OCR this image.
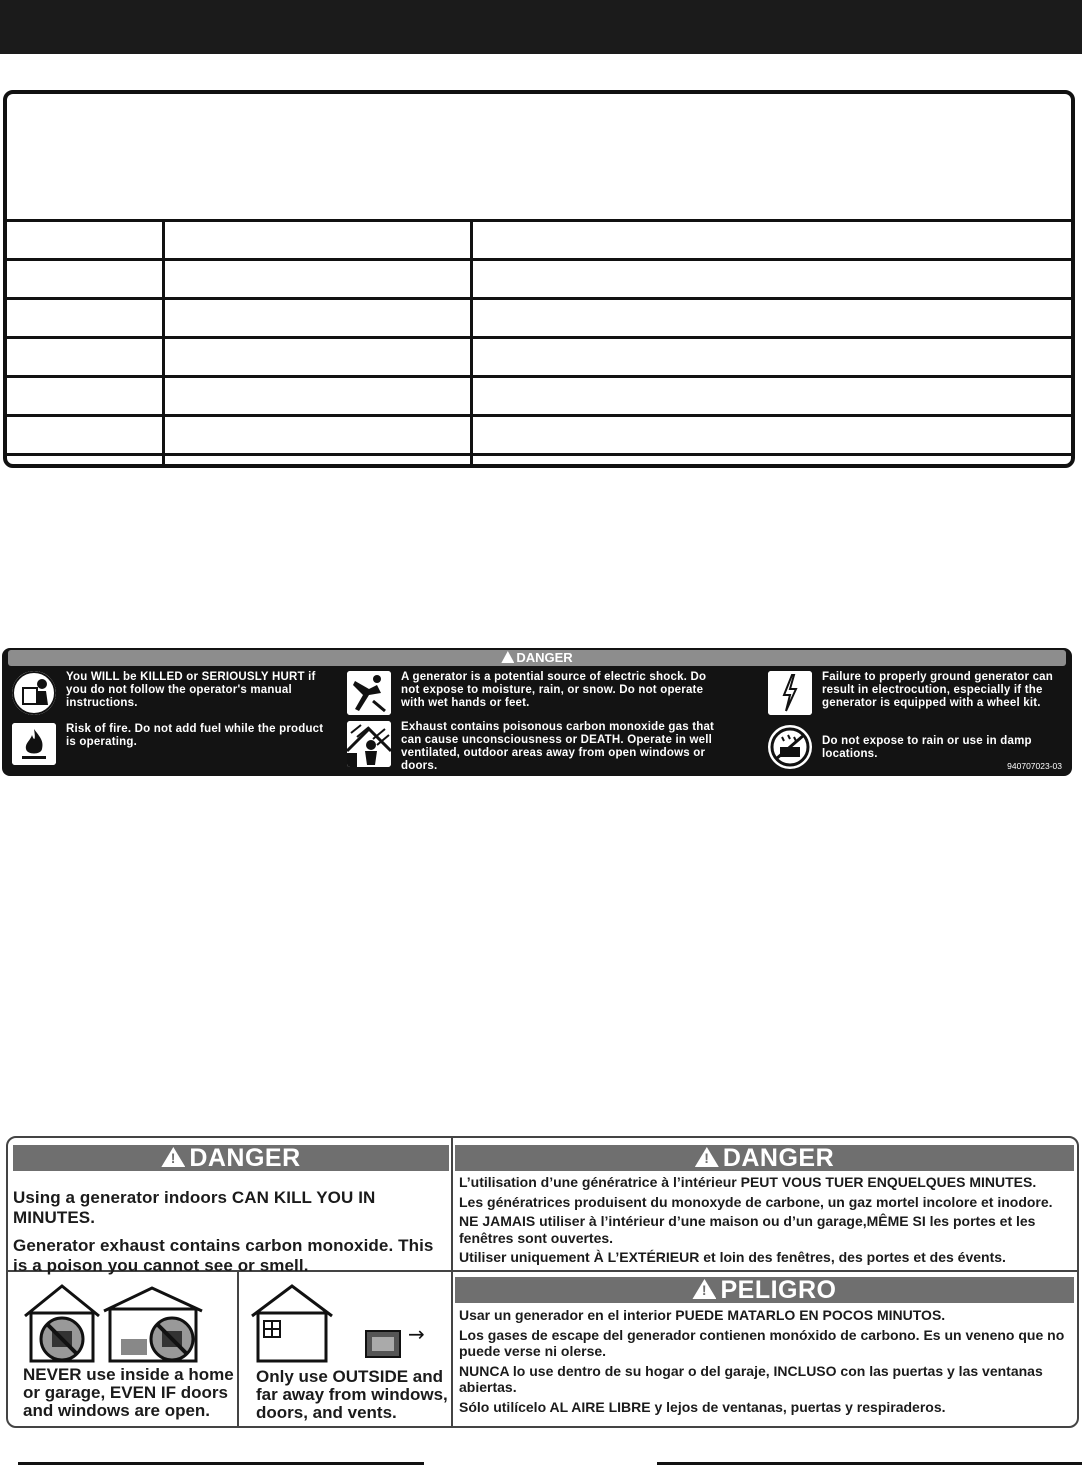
DANGER
You WILL be KILLED or SERIOUSLY HURT if you do not follow the operator's manual instructions.
A generator is a potential source of electric shock. Do not expose to moisture, rain, or snow. Do not operate with wet hands or feet.
Failure to properly ground generator can result in electrocution, especially if the generator is equipped with a wheel kit.
Risk of fire. Do not add fuel while the product is operating.
Exhaust contains poisonous carbon monoxide gas that can cause unconsciousness or DEATH. Operate in well ventilated, outdoor areas away from open windows or doors.
Do not expose to rain or use in damp locations.
940707023-03
!DANGER
!	DANGER

Using a generator indoors CAN KILL YOU IN MINUTES.

Generator exhaust contains carbon monoxide. This is a poison you cannot see or smell.

L’utilisation d’une génératrice à l’intérieur PEUT VOUS TUER ENQUELQUES MINUTES.

Les génératrices produisent du monoxyde de carbone, un gaz mortel incolore et inodore.

NE JAMAIS utiliser à l’intérieur d’une maison ou d’un garage,MÊME SI les portes et les fenêtres sont ouvertes.

Utiliser uniquement À L’EXTÉRIEUR et loin des fenêtres, des portes et des évents.

!PELIGRO

Usar un generador en el interior PUEDE MATARLO EN POCOS MINUTOS.

Los gases de escape del generador contienen monóxido de carbono. Es un veneno que no puede verse ni olerse.

NUNCA lo use dentro de su hogar o del garaje, INCLUSO con las puertas y las ventanas abiertas.

Sólo utilícelo AL AIRE LIBRE y lejos de ventanas, puertas y respiraderos.

→
NEVER use inside a home or garage, EVEN IF doors and windows are open.
Only use OUTSIDE and far away from windows, doors, and vents.
